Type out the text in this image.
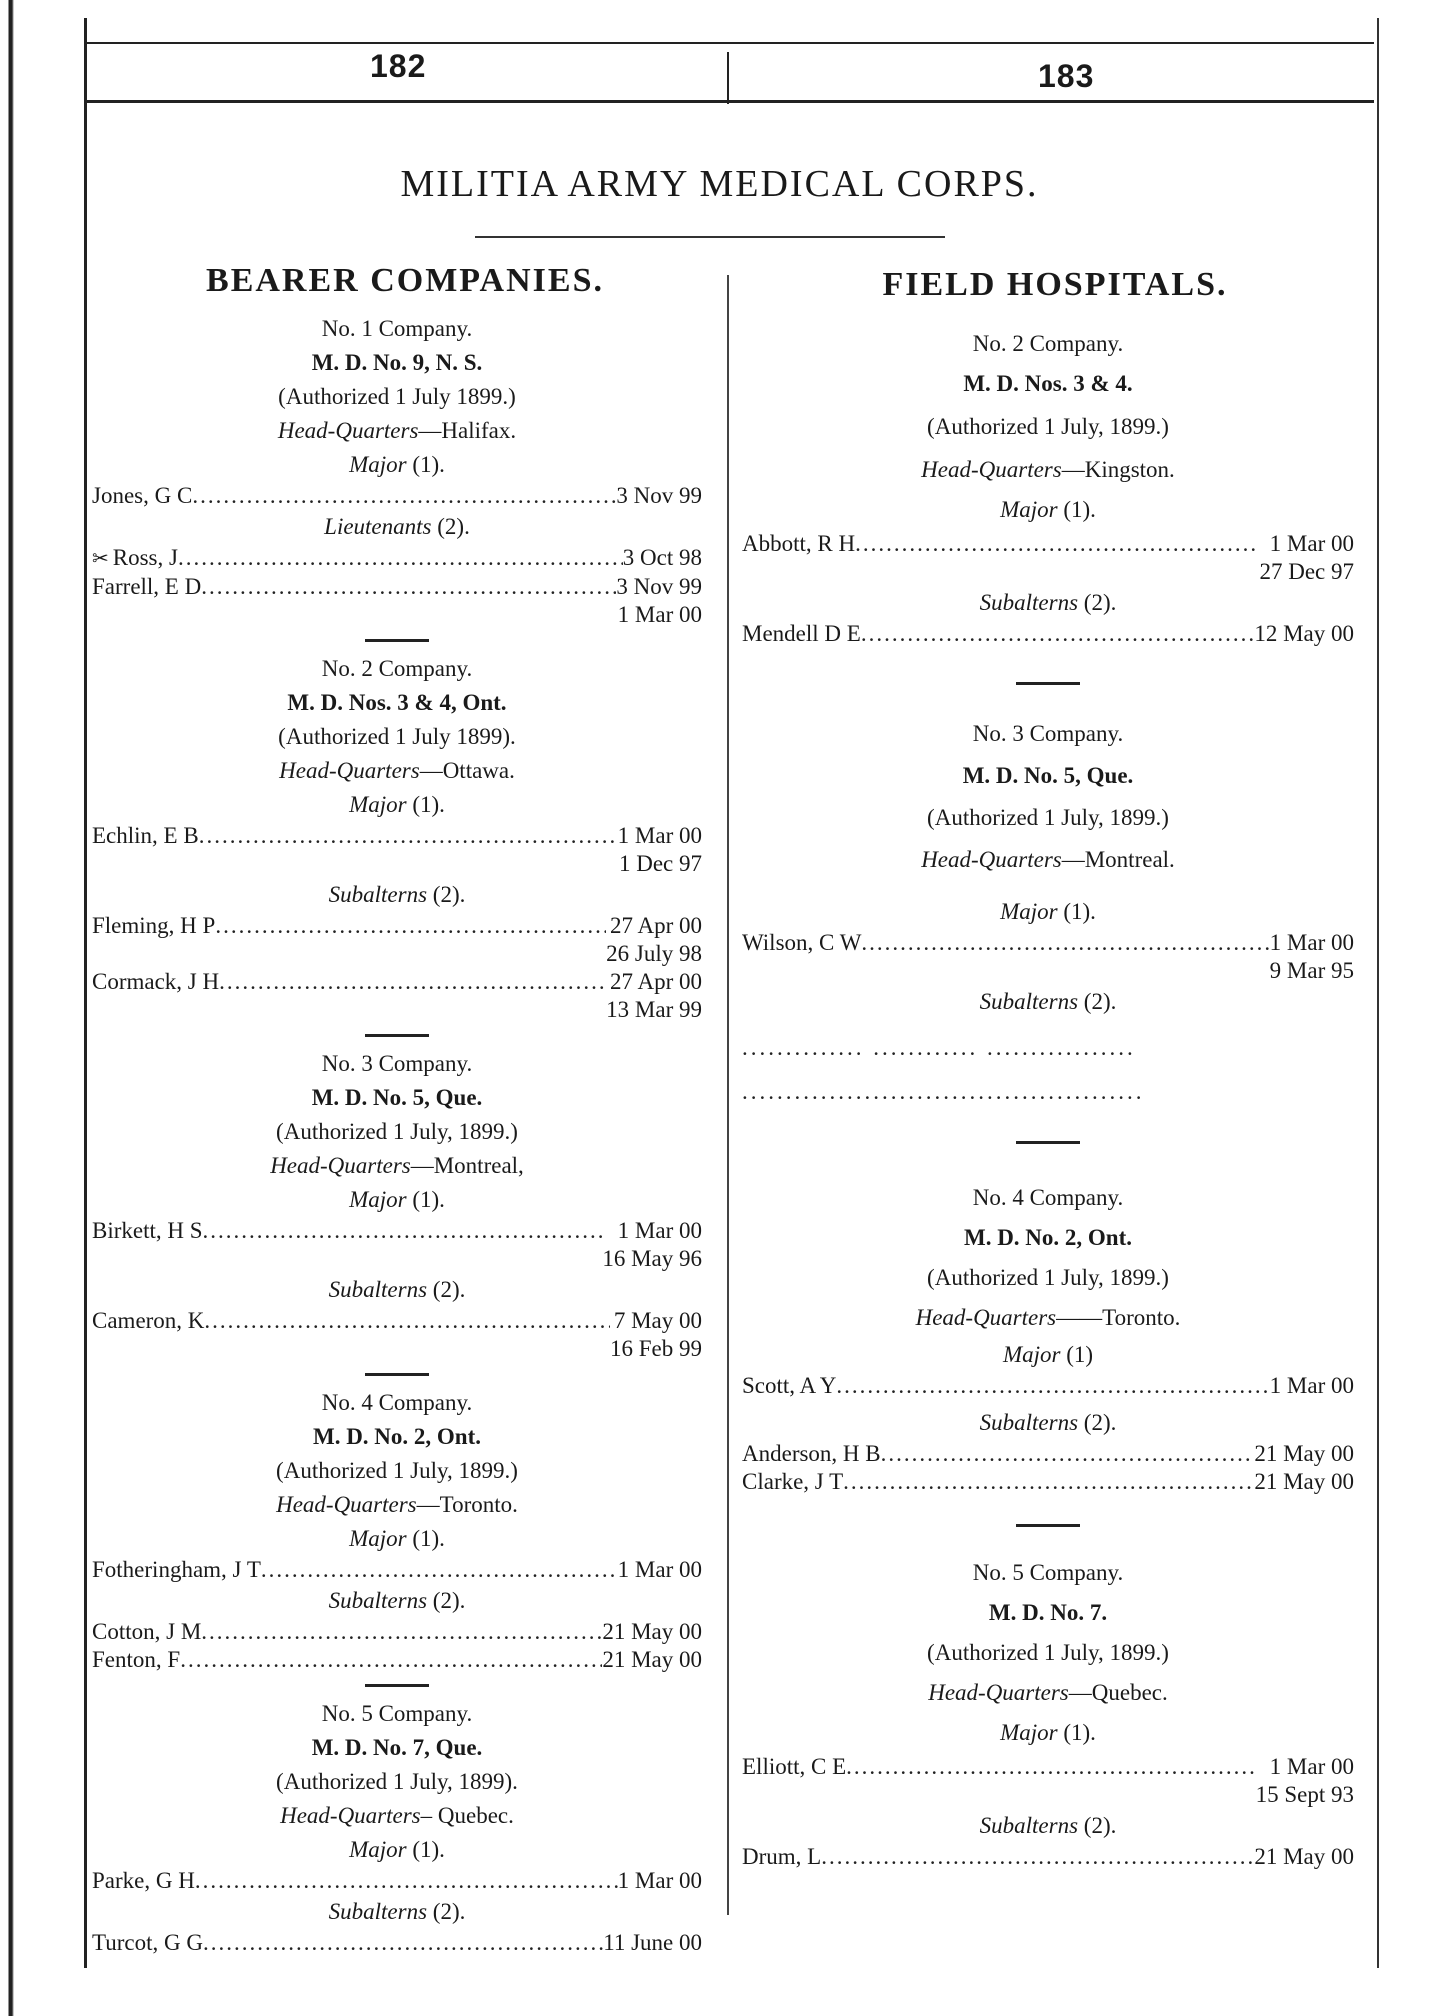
182	183
MILITIA ARMY MEDICAL CORPS.
BEARER COMPANIES.
No. 1 Company.
M. D. No. 9, N. S.
(Authorized 1 July 1899.)
Head-Quarters—Halifax.
Major (1).
Jones, G C .....	3 Nov 99
Lieutenants (2).
✂ Ross, J .....	3 Oct 98
Farrell, E D .....	3 Nov 99
1 Mar 00
No. 2 Company.
M. D. Nos. 3 & 4, Ont.
(Authorized 1 July 1899).
Head-Quarters—Ottawa.
Major (1).
Echlin, E B .....	1 Mar 00
1 Dec 97
Subalterns (2).
Fleming, H P .....	27 Apr 00
26 July 98
Cormack, J H .....	27 Apr 00
13 Mar 99
No. 3 Company.
M. D. No. 5, Que.
(Authorized 1 July, 1899.)
Head-Quarters—Montreal,
Major (1).
Birkett, H S .....	1 Mar 00
16 May 96
Subalterns (2).
Cameron, K .....	7 May 00
16 Feb 99
No. 4 Company.
M. D. No. 2, Ont.
(Authorized 1 July, 1899.)
Head-Quarters—Toronto.
Major (1).
Fotheringham, J T .....	1 Mar 00
Subalterns (2).
Cotton, J M .....	21 May 00
Fenton, F .....	21 May 00
No. 5 Company.
M. D. No. 7, Que.
(Authorized 1 July, 1899).
Head-Quarters– Quebec.
Major (1).
Parke, G H .....	1 Mar 00
Subalterns (2).
Turcot, G G .....	11 June 00
FIELD HOSPITALS.
No. 2 Company.
M. D. Nos. 3 & 4.
(Authorized 1 July, 1899.)
Head-Quarters—Kingston.
Major (1).
Abbott, R H .....	1 Mar 00
27 Dec 97
Subalterns (2).
Mendell D E .....	12 May 00
No. 3 Company.
M. D. No. 5, Que.
(Authorized 1 July, 1899.)
Head-Quarters—Montreal.
Major (1).
Wilson, C W .....	1 Mar 00
9 Mar 95
Subalterns (2).
.............. ............ .................
..............................................
No. 4 Company.
M. D. No. 2, Ont.
(Authorized 1 July, 1899.)
Head-Quarters——Toronto.
Major (1)
Scott, A Y .....	1 Mar 00
Subalterns (2).
Anderson, H B .....	21 May 00
Clarke, J T .....	21 May 00
No. 5 Company.
M. D. No. 7.
(Authorized 1 July, 1899.)
Head-Quarters—Quebec.
Major (1).
Elliott, C E .....	1 Mar 00
15 Sept 93
Subalterns (2).
Drum, L .....	21 May 00
